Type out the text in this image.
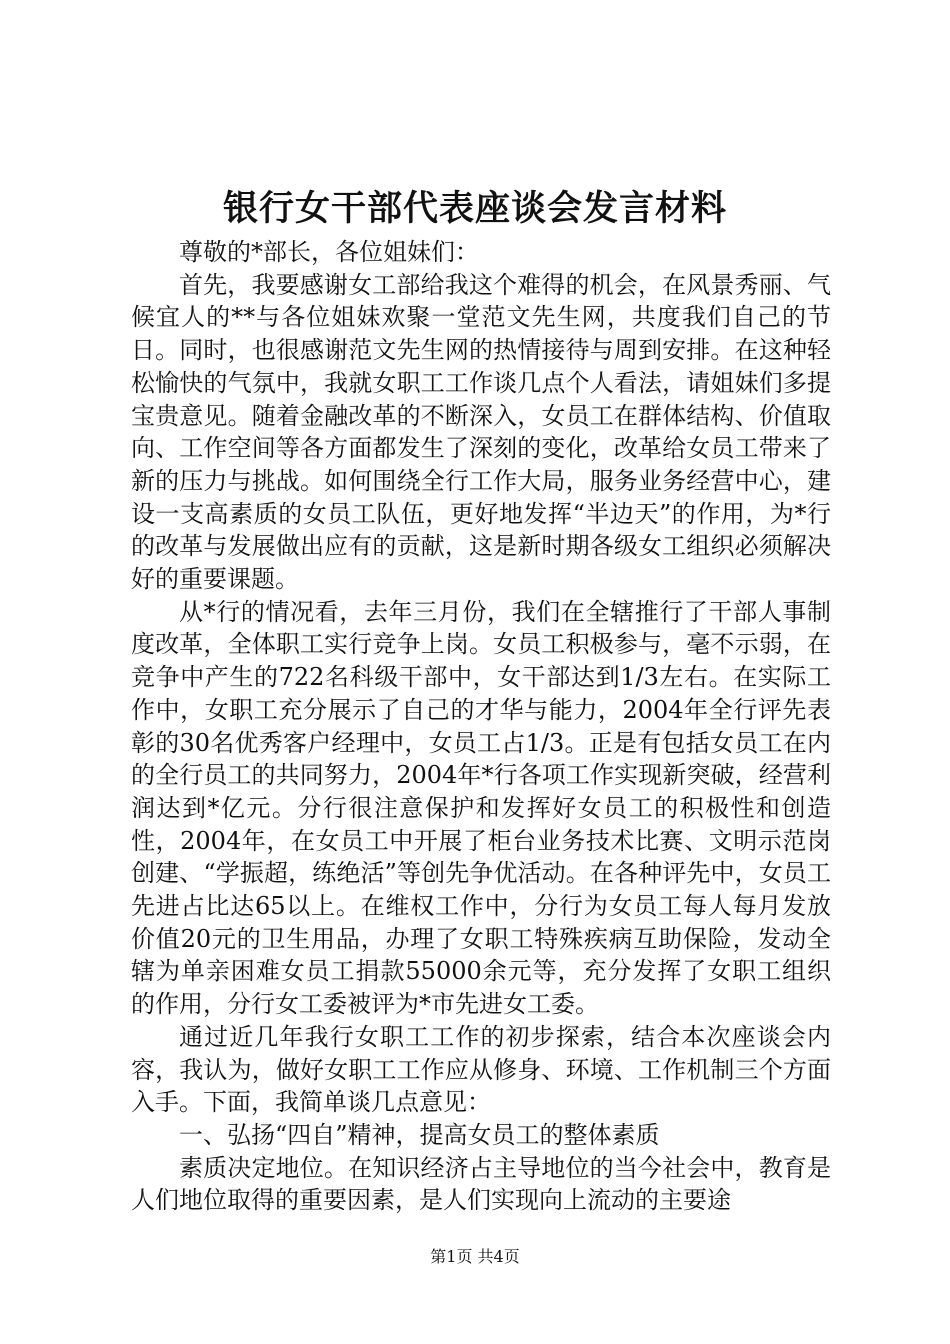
银行女干部代表座谈会发言材料

尊敬的*部长，各位姐妹们：

首先，我要感谢女工部给我这个难得的机会，在风景秀丽、气候宜人的**与各位姐妹欢聚一堂范文先生网，共度我们自己的节日。同时，也很感谢范文先生网的热情接待与周到安排。在这种轻松愉快的气氛中，我就女职工工作谈几点个人看法，请姐妹们多提宝贵意见。随着金融改革的不断深入，女员工在群体结构、价值取向、工作空间等各方面都发生了深刻的变化，改革给女员工带来了新的压力与挑战。如何围绕全行工作大局，服务业务经营中心，建设一支高素质的女员工队伍，更好地发挥“半边天”的作用，为*行的改革与发展做出应有的贡献，这是新时期各级女工组织必须解决好的重要课题。

从*行的情况看，去年三月份，我们在全辖推行了干部人事制度改革，全体职工实行竞争上岗。女员工积极参与，毫不示弱，在竞争中产生的722名科级干部中，女干部达到1/3左右。在实际工作中，女职工充分展示了自己的才华与能力，2004年全行评先表彰的30名优秀客户经理中，女员工占1/3。正是有包括女员工在内的全行员工的共同努力，2004年*行各项工作实现新突破，经营利润达到*亿元。分行很注意保护和发挥好女员工的积极性和创造性，2004年，在女员工中开展了柜台业务技术比赛、文明示范岗创建、“学振超，练绝活”等创先争优活动。在各种评先中，女员工先进占比达65以上。在维权工作中，分行为女员工每人每月发放价值20元的卫生用品，办理了女职工特殊疾病互助保险，发动全辖为单亲困难女员工捐款55000余元等，充分发挥了女职工组织的作用，分行女工委被评为*市先进女工委。

通过近几年我行女职工工作的初步探索，结合本次座谈会内容，我认为，做好女职工工作应从修身、环境、工作机制三个方面入手。下面，我简单谈几点意见：

一、弘扬“四自”精神，提高女员工的整体素质

素质决定地位。在知识经济占主导地位的当今社会中，教育是人们地位取得的重要因素，是人们实现向上流动的主要途

第1页 共4页
